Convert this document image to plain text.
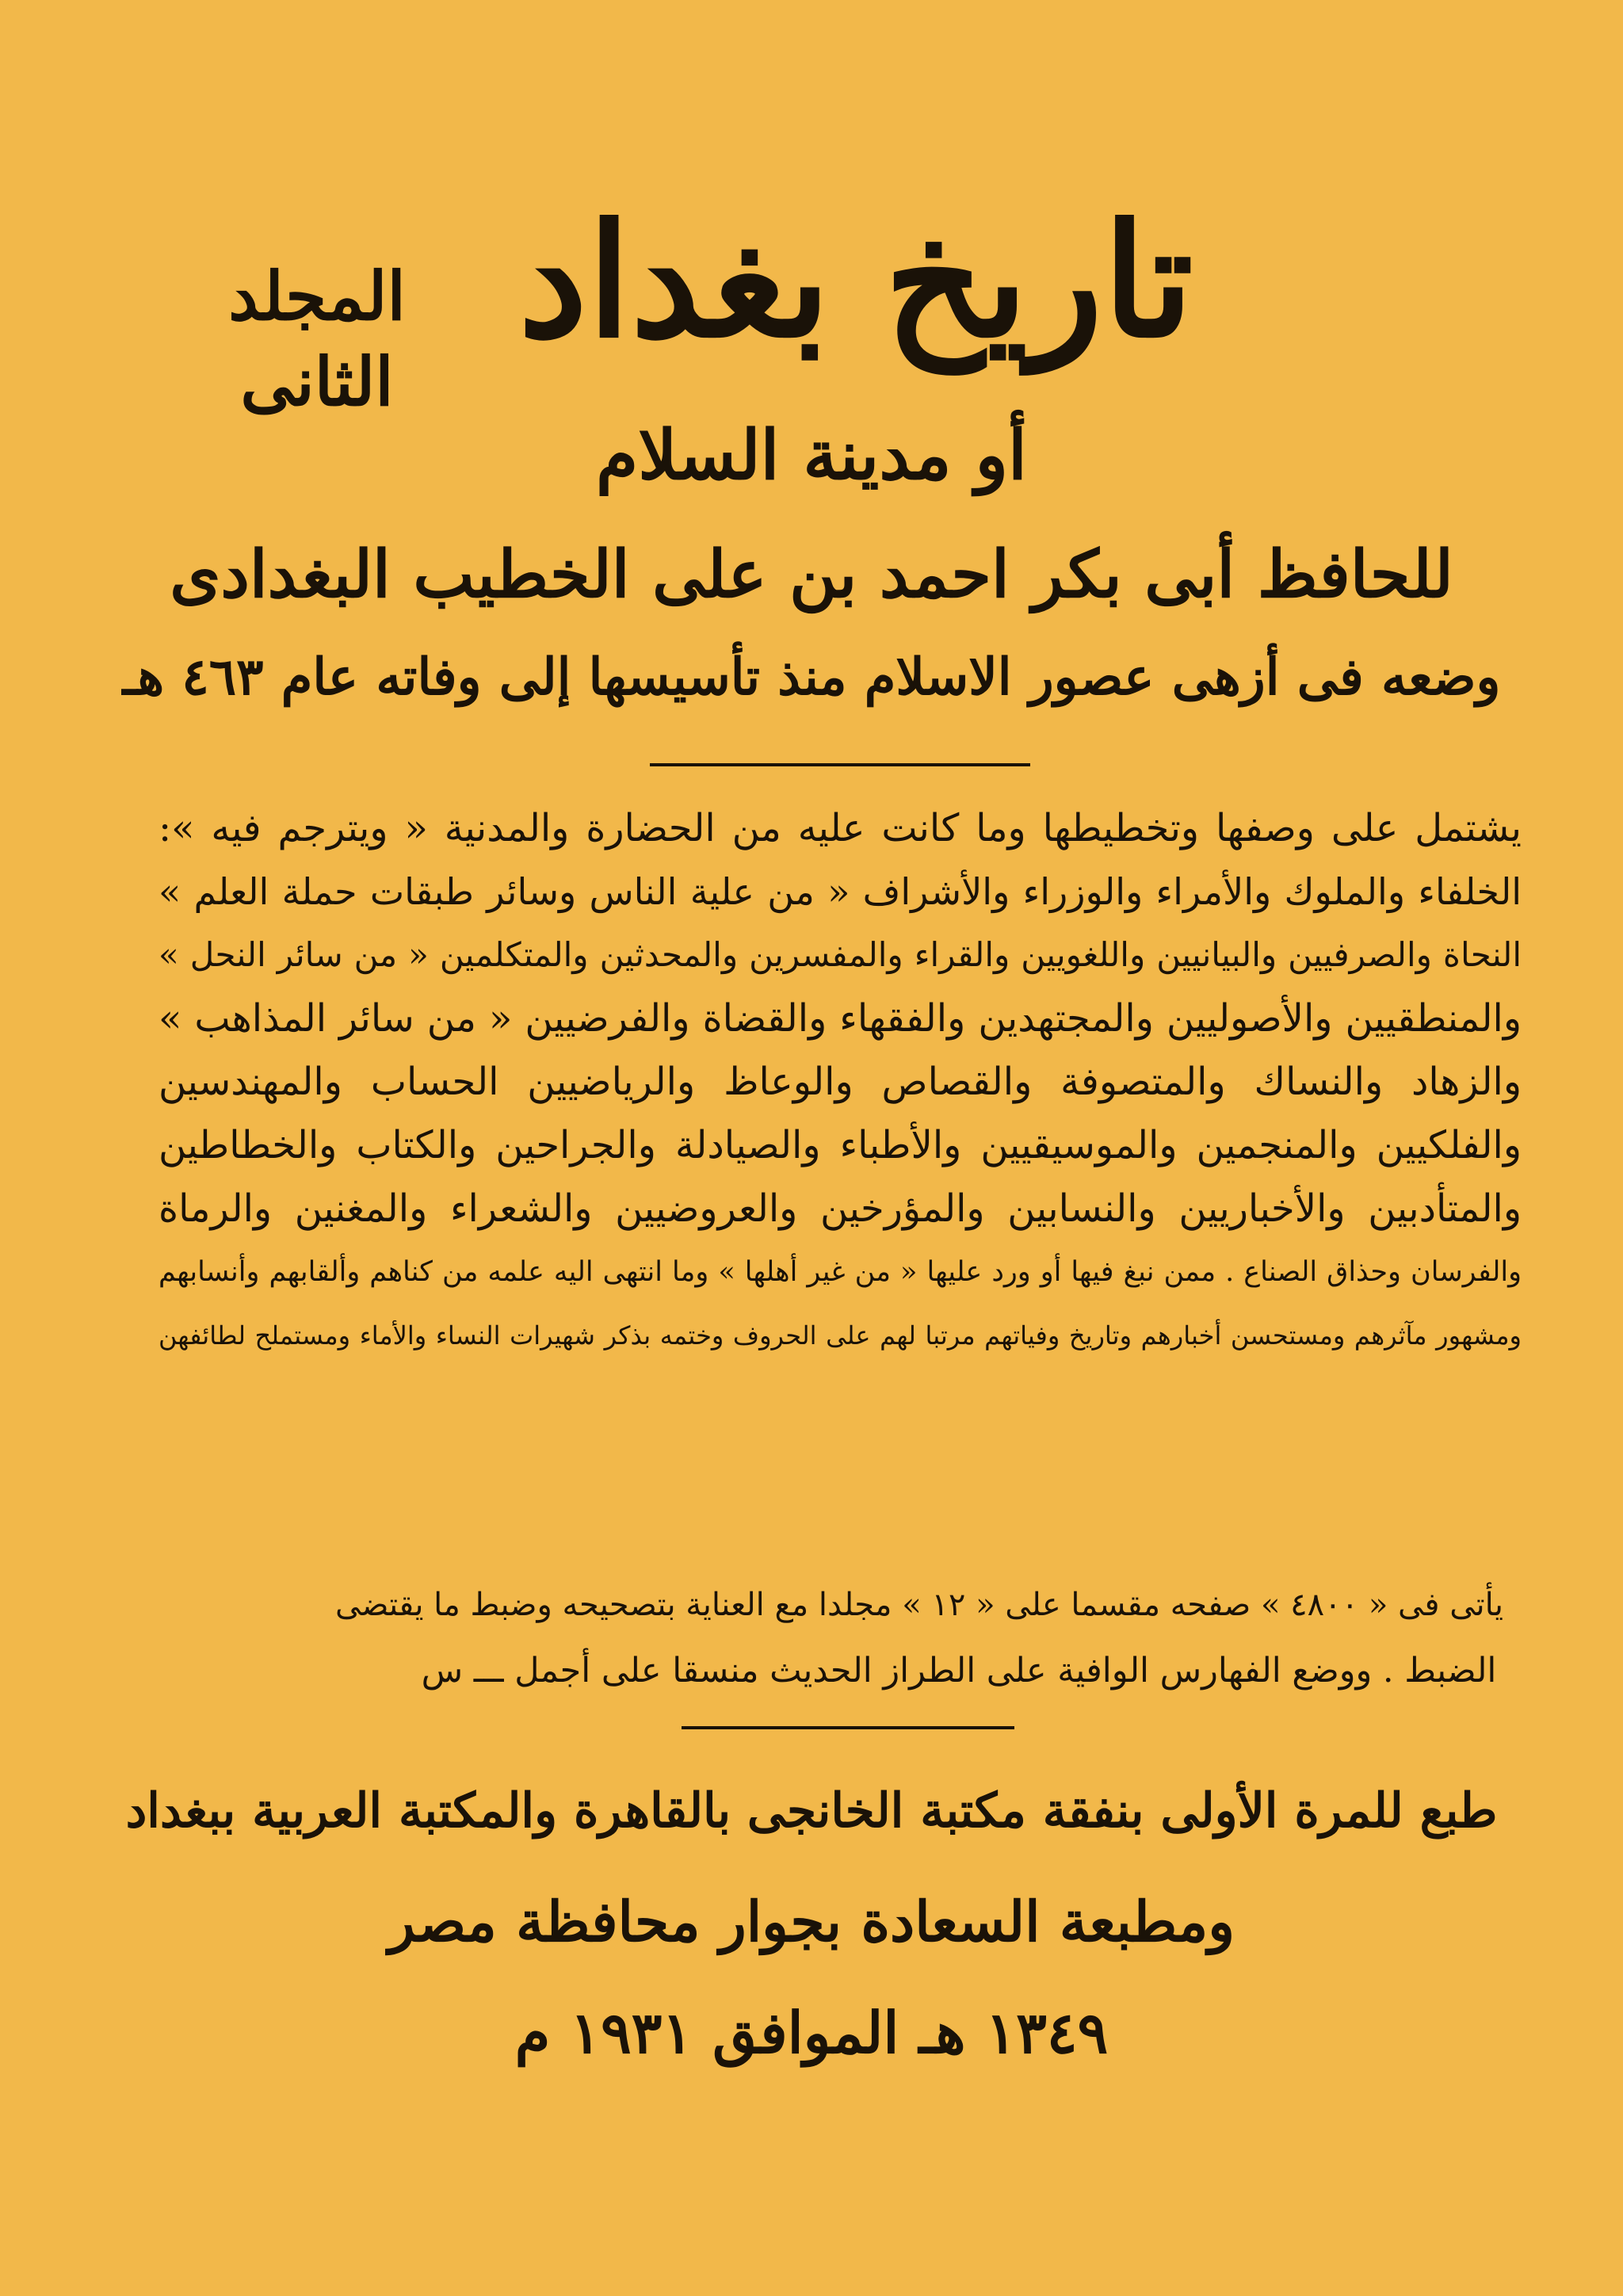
تاريخ بغداد
المجلد
الثانى

أو مدينة السلام

للحافظ أبى بكر احمد بن على الخطيب البغدادى

وضعه فى أزهى عصور الاسلام منذ تأسيسها إلى وفاته عام ٤٦٣ هـ

يشتمل على وصفها وتخطيطها وما كانت عليه من الحضارة والمدنية « ويترجم فيه »:
الخلفاء والملوك والأمراء والوزراء والأشراف « من علية الناس وسائر طبقات حملة العلم »
النحاة والصرفيين والبيانيين واللغويين والقراء والمفسرين والمحدثين والمتكلمين « من سائر النحل »
والمنطقيين والأصوليين والمجتهدين والفقهاء والقضاة والفرضيين « من سائر المذاهب »
والزهاد والنساك والمتصوفة والقصاص والوعاظ والرياضيين الحساب والمهندسين
والفلكيين والمنجمين والموسيقيين والأطباء والصيادلة والجراحين والكتاب والخطاطين
والمتأدبين والأخباريين والنسابين والمؤرخين والعروضيين والشعراء والمغنين والرماة
والفرسان وحذاق الصناع . ممن نبغ فيها أو ورد عليها « من غير أهلها » وما انتهى اليه علمه من كناهم وألقابهم وأنسابهم
ومشهور مآثرهم ومستحسن أخبارهم وتاريخ وفياتهم مرتبا لهم على الحروف وختمه بذكر شهيرات النساء والأماء ومستملح لطائفهن

يأتى فى « ٤٨٠٠ » صفحه مقسما على « ١٢ » مجلدا مع العناية بتصحيحه وضبط ما يقتضى

الضبط . ووضع الفهارس الوافية على الطراز الحديث منسقا على أجمل ـــ س

طبع للمرة الأولى بنفقة مكتبة الخانجى بالقاهرة والمكتبة العربية ببغداد

ومطبعة السعادة بجوار محافظة مصر

١٣٤٩ هـ الموافق ١٩٣١ م
